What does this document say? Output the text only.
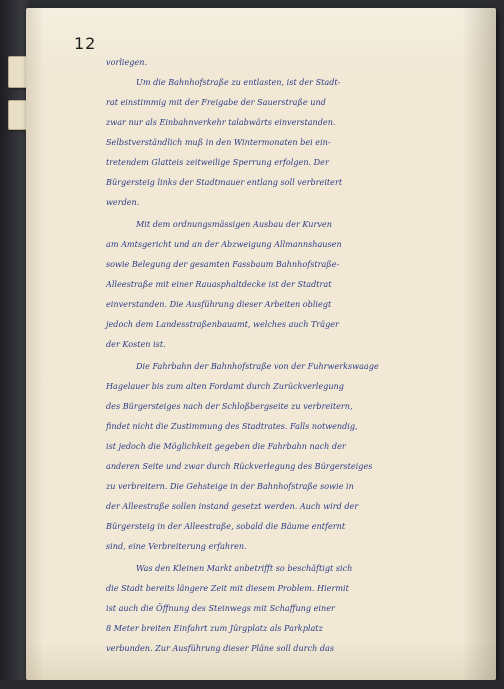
12
vorliegen.
Um die Bahnhofstraße zu entlasten, ist der Stadt-
rat einstimmig mit der Freigabe der Sauerstraße und
zwar nur als Einbahnverkehr talabwärts einverstanden.
Selbstverständlich muß in den Wintermonaten bei ein-
tretendem Glatteis zeitweilige Sperrung erfolgen. Der
Bürgersteig links der Stadtmauer entlang soll verbreitert
werden.
Mit dem ordnungsmässigen Ausbau der Kurven
am Amtsgericht und an der Abzweigung Allmannshausen
sowie Belegung der gesamten Fassbaum Bahnhofstraße-
Alleestraße mit einer Rauasphaltdecke ist der Stadtrat
einverstanden. Die Ausführung dieser Arbeiten obliegt
jedoch dem Landesstraßenbauamt, welches auch Träger
der Kosten ist.
Die Fahrbahn der Bahnhofstraße von der Fuhrwerkswaage
Hagelauer bis zum alten Fordamt durch Zurückverlegung
des Bürgersteiges nach der Schloßbergseite zu verbreitern,
findet nicht die Zustimmung des Stadtrates. Falls notwendig,
ist jedoch die Möglichkeit gegeben die Fahrbahn nach der
anderen Seite und zwar durch Rückverlegung des Bürgersteiges
zu verbreitern. Die Gehsteige in der Bahnhofstraße sowie in
der Alleestraße sollen instand gesetzt werden. Auch wird der
Bürgersteig in der Alleestraße, sobald die Bäume entfernt
sind, eine Verbreiterung erfahren.
Was den Kleinen Markt anbetrifft so beschäftigt sich
die Stadt bereits längere Zeit mit diesem Problem. Hiermit
ist auch die Öffnung des Steinwegs mit Schaffung einer
8 Meter breiten Einfahrt zum Jürgplatz als Parkplatz
verbunden. Zur Ausführung dieser Pläne soll durch das
